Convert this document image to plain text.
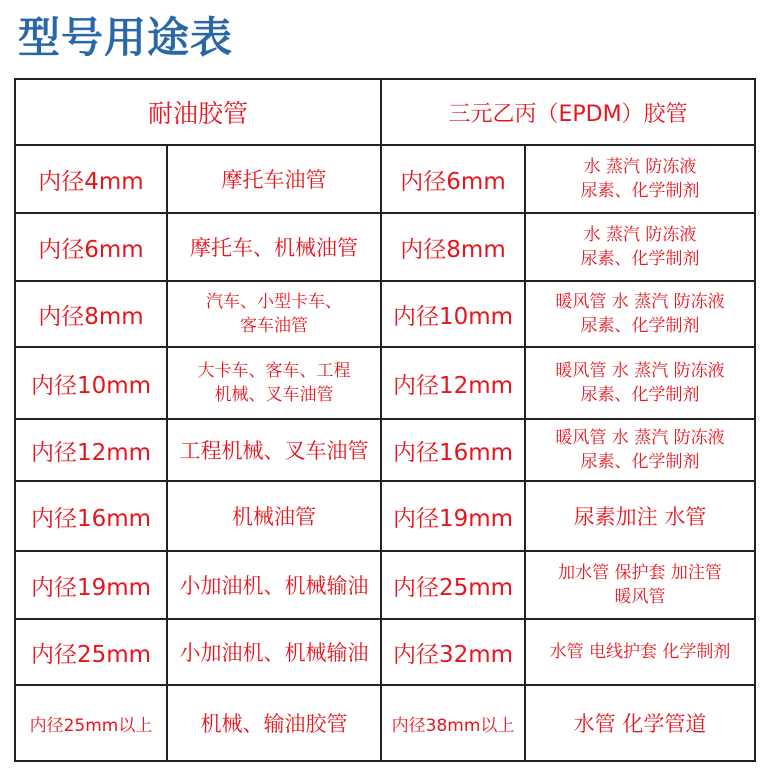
型号用途表
耐油胶管		三元乙丙（EPDM）胶管	
内径4mm	摩托车油管	内径6mm	水 蒸汽 防冻液
尿素、化学制剂

内径6mm	摩托车、机械油管	内径8mm	水 蒸汽 防冻液
尿素、化学制剂

内径8mm	汽车、小型卡车、
客车油管	内径10mm	暖风管 水 蒸汽 防冻液
尿素、化学制剂

内径10mm	大卡车、客车、工程
机械、叉车油管	内径12mm	暖风管 水 蒸汽 防冻液
尿素、化学制剂

内径12mm	工程机械、叉车油管	内径16mm	暖风管 水 蒸汽 防冻液
尿素、化学制剂

内径16mm	机械油管	内径19mm	尿素加注 水管

内径19mm	小加油机、机械输油	内径25mm	加水管 保护套 加注管
暖风管

内径25mm	小加油机、机械输油	内径32mm	水管 电线护套 化学制剂

内径25mm以上	机械、输油胶管	内径38mm以上	水管 化学管道
